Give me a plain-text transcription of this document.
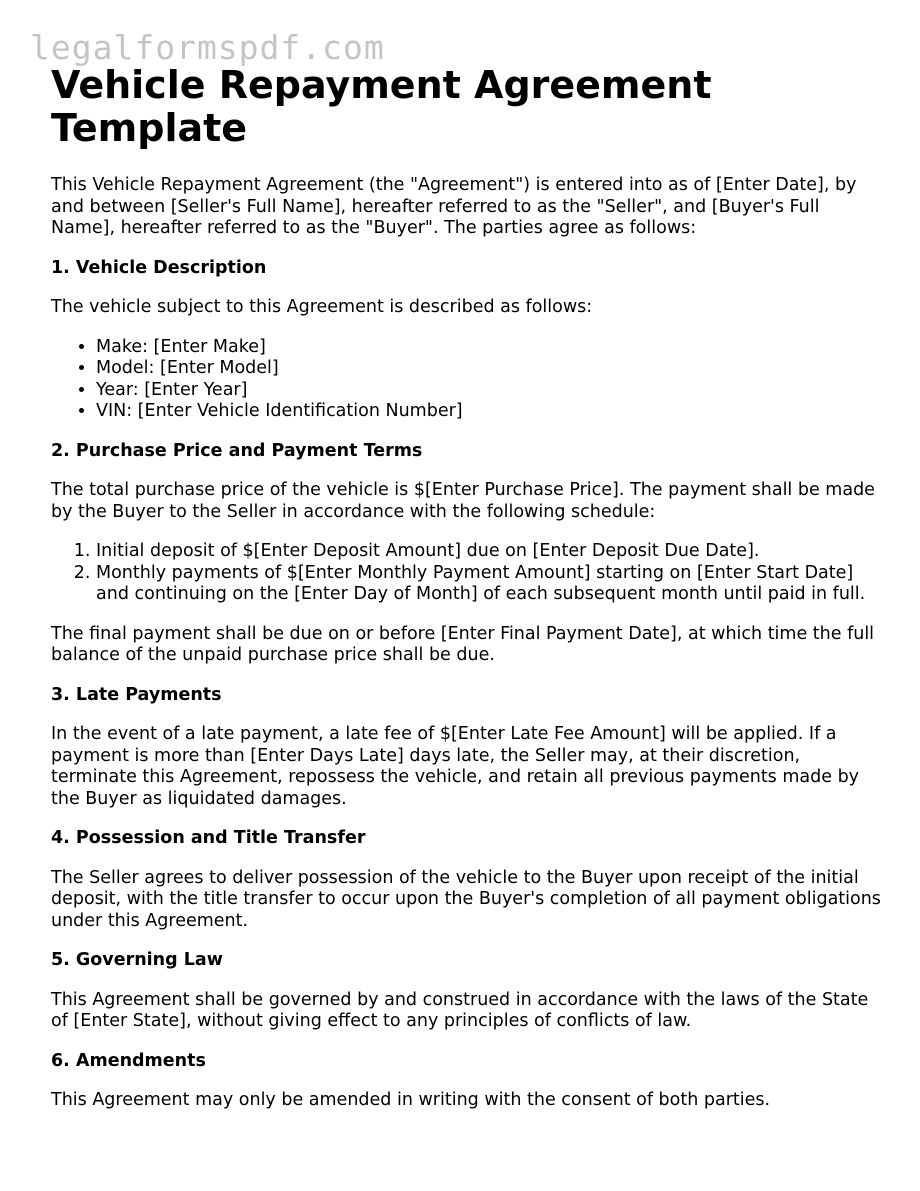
legalformspdf.com
Vehicle Repayment Agreement Template

This Vehicle Repayment Agreement (the "Agreement") is entered into as of [Enter Date], by and between [Seller's Full Name], hereafter referred to as the "Seller", and [Buyer's Full Name], hereafter referred to as the "Buyer". The parties agree as follows:

1. Vehicle Description

The vehicle subject to this Agreement is described as follows:

• Make: [Enter Make]
• Model: [Enter Model]
• Year: [Enter Year]
• VIN: [Enter Vehicle Identification Number]
2. Purchase Price and Payment Terms

The total purchase price of the vehicle is $[Enter Purchase Price]. The payment shall be made by the Buyer to the Seller in accordance with the following schedule:

1. Initial deposit of $[Enter Deposit Amount] due on [Enter Deposit Due Date].
2. Monthly payments of $[Enter Monthly Payment Amount] starting on [Enter Start Date] and continuing on the [Enter Day of Month] of each subsequent month until paid in full.

The final payment shall be due on or before [Enter Final Payment Date], at which time the full balance of the unpaid purchase price shall be due.

3. Late Payments

In the event of a late payment, a late fee of $[Enter Late Fee Amount] will be applied. If a payment is more than [Enter Days Late] days late, the Seller may, at their discretion, terminate this Agreement, repossess the vehicle, and retain all previous payments made by the Buyer as liquidated damages.

4. Possession and Title Transfer

The Seller agrees to deliver possession of the vehicle to the Buyer upon receipt of the initial deposit, with the title transfer to occur upon the Buyer's completion of all payment obligations under this Agreement.

5. Governing Law

This Agreement shall be governed by and construed in accordance with the laws of the State of [Enter State], without giving effect to any principles of conflicts of law.

6. Amendments

This Agreement may only be amended in writing with the consent of both parties.
